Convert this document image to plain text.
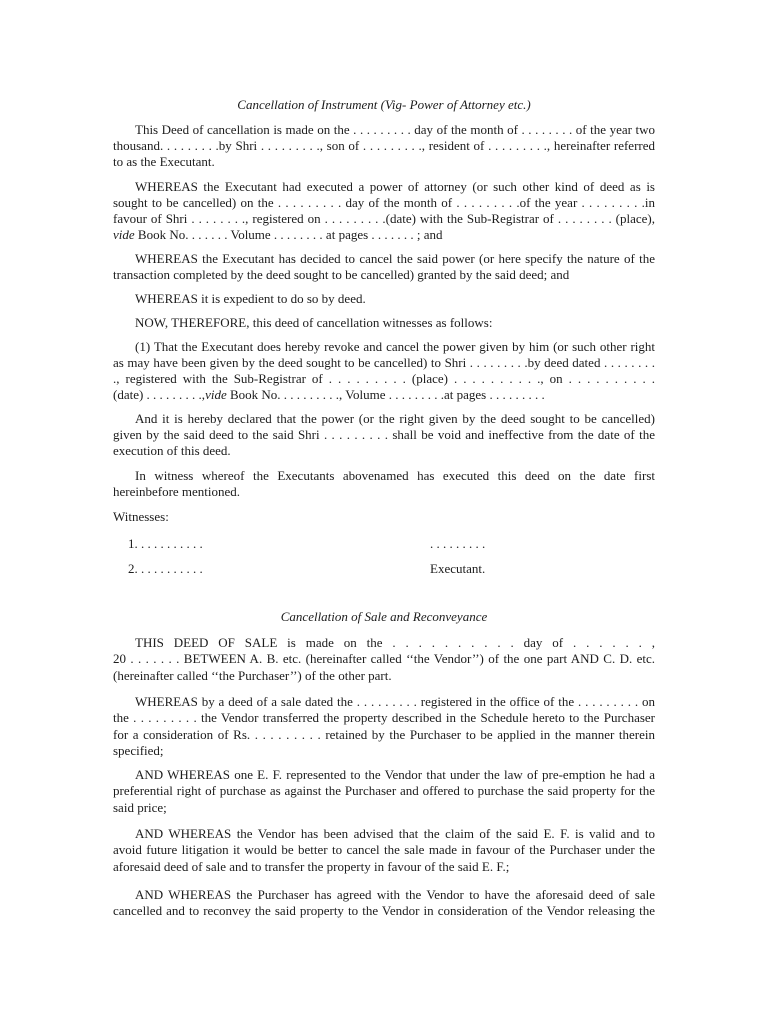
Cancellation of Instrument (Vig- Power of Attorney etc.)
This Deed of cancellation is made on the . . . . . . . . . day of the month of . . . . . . . . of the year two
thousand. . . . . . . . .by Shri . . . . . . . . ., son of . . . . . . . . ., resident of . . . . . . . . ., hereinafter referred
to as the Executant.
WHEREAS the Executant had executed a power of attorney (or such other kind of deed as is
sought to be cancelled) on the . . . . . . . . . day of the month of . . . . . . . . .of the year . . . . . . . . .in
favour of Shri . . . . . . . ., registered on . . . . . . . . .(date) with the Sub-Registrar of . . . . . . . . (place),
vide Book No. . . . . . . Volume . . . . . . . . at pages . . . . . . . ; and
WHEREAS the Executant has decided to cancel the said power (or here specify the nature of the
transaction completed by the deed sought to be cancelled) granted by the said deed; and
WHEREAS it is expedient to do so by deed.
NOW, THEREFORE, this deed of cancellation witnesses as follows:
(1) That the Executant does hereby revoke and cancel the power given by him (or such other right
as may have been given by the deed sought to be cancelled) to Shri . . . . . . . . .by deed dated . . . . . . . .
., registered with the Sub-Registrar of . . . . . . . . . (place) . . . . . . . . . ., on . . . . . . . . . .
(date) . . . . . . . . .,vide Book No. . . . . . . . . ., Volume . . . . . . . . .at pages . . . . . . . . .
And it is hereby declared that the power (or the right given by the deed sought to be cancelled)
given by the said deed to the said Shri . . . . . . . . . shall be void and ineffective from the date of the
execution of this deed.
In witness whereof the Executants abovenamed has executed this deed on the date first
hereinbefore mentioned.
Witnesses:
1. . . . . . . . . . .	. . . . . . . . .
2. . . . . . . . . . .	Executant.
Cancellation of Sale and Reconveyance
THIS DEED OF SALE is made on the . . . . . . . . . . day of . . . . . . ,
20 . . . . . . . BETWEEN A. B. etc. (hereinafter called ‘‘the Vendor’’) of the one part AND C. D. etc.
(hereinafter called ‘‘the Purchaser’’) of the other part.
WHEREAS by a deed of a sale dated the . . . . . . . . . registered in the office of the . . . . . . . . . on
the . . . . . . . . . the Vendor transferred the property described in the Schedule hereto to the Purchaser
for a consideration of Rs. . . . . . . . . . retained by the Purchaser to be applied in the manner therein
specified;
AND WHEREAS one E. F. represented to the Vendor that under the law of pre-emption he had a
preferential right of purchase as against the Purchaser and offered to purchase the said property for the
said price;
AND WHEREAS the Vendor has been advised that the claim of the said E. F. is valid and to
avoid future litigation it would be better to cancel the sale made in favour of the Purchaser under the
aforesaid deed of sale and to transfer the property in favour of the said E. F.;
AND WHEREAS the Purchaser has agreed with the Vendor to have the aforesaid deed of sale
cancelled and to reconvey the said property to the Vendor in consideration of the Vendor releasing the
